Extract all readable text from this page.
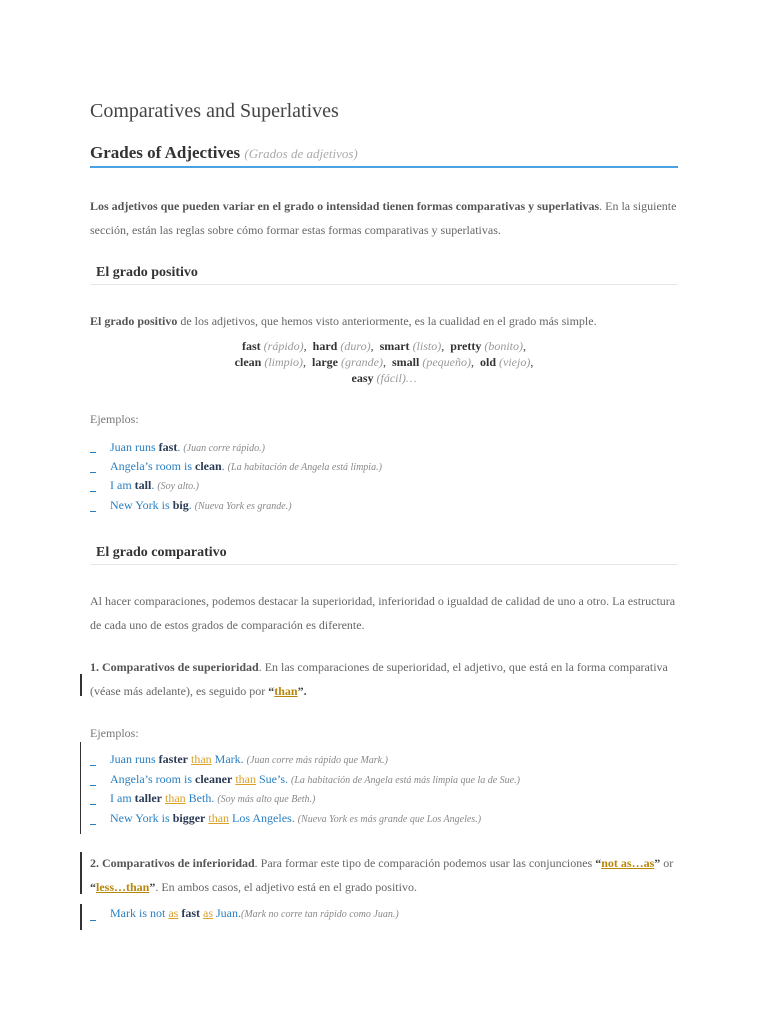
Comparatives and Superlatives
Grades of Adjectives (Grados de adjetivos)

Los adjetivos que pueden variar en el grado o intensidad tienen formas comparativas y superlativas. En la siguiente sección, están las reglas sobre cómo formar estas formas comparativas y superlativas.

El grado positivo

El grado positivo de los adjetivos, que hemos visto anteriormente, es la cualidad en el grado más simple.

fast (rápido),  hard (duro),  smart (listo),  pretty (bonito),
clean (limpio),  large (grande),  small (pequeño),  old (viejo),
easy (fácil)…
Ejemplos:
Juan runs fast. (Juan corre rápido.)
Angela’s room is clean. (La habitación de Angela está limpia.)
I am tall. (Soy alto.)
New York is big. (Nueva York es grande.)
El grado comparativo

Al hacer comparaciones, podemos destacar la superioridad, inferioridad o igualdad de calidad de uno a otro. La estructura de cada uno de estos grados de comparación es diferente.

1. Comparativos de superioridad. En las comparaciones de superioridad, el adjetivo, que está en la forma comparativa (véase más adelante), es seguido por “than”.

Ejemplos:
Juan runs faster than Mark. (Juan corre más rápido que Mark.)
Angela’s room is cleaner than Sue’s. (La habitación de Angela está más limpia que la de Sue.)
I am taller than Beth. (Soy más alto que Beth.)
New York is bigger than Los Angeles. (Nueva York es más grande que Los Angeles.)

2. Comparativos de inferioridad. Para formar este tipo de comparación podemos usar las conjunciones “not as…as” or “less…than”. En ambos casos, el adjetivo está en el grado positivo.

Mark is not as fast as Juan.(Mark no corre tan rápido como Juan.)
